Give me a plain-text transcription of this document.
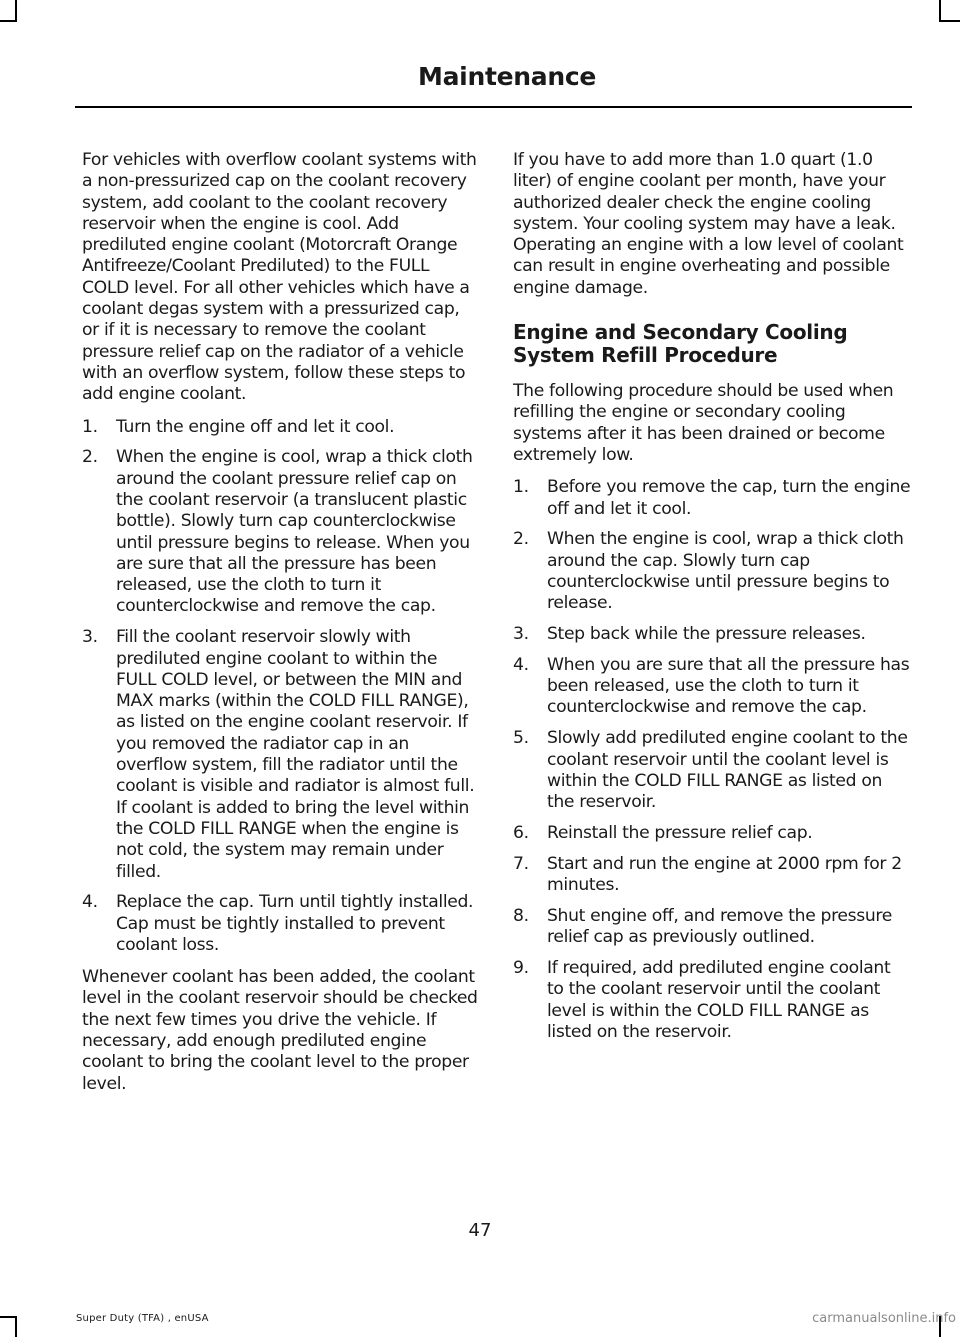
Maintenance

For vehicles with overflow coolant systems with a non-pressurized cap on the coolant recovery system, add coolant to the coolant recovery reservoir when the engine is cool. Add prediluted engine coolant (Motorcraft Orange Antifreeze/Coolant Prediluted) to the FULL COLD level. For all other vehicles which have a coolant degas system with a pressurized cap, or if it is necessary to remove the coolant pressure relief cap on the radiator of a vehicle with an overflow system, follow these steps to add engine coolant.

1. Turn the engine off and let it cool.
2. When the engine is cool, wrap a thick cloth around the coolant pressure relief cap on the coolant reservoir (a translucent plastic bottle). Slowly turn cap counterclockwise until pressure begins to release. When you are sure that all the pressure has been released, use the cloth to turn it counterclockwise and remove the cap.
3. Fill the coolant reservoir slowly with prediluted engine coolant to within the FULL COLD level, or between the MIN and MAX marks (within the COLD FILL RANGE), as listed on the engine coolant reservoir. If you removed the radiator cap in an overflow system, fill the radiator until the coolant is visible and radiator is almost full. If coolant is added to bring the level within the COLD FILL RANGE when the engine is not cold, the system may remain under filled.
4. Replace the cap. Turn until tightly installed. Cap must be tightly installed to prevent coolant loss.

Whenever coolant has been added, the coolant level in the coolant reservoir should be checked the next few times you drive the vehicle. If necessary, add enough prediluted engine coolant to bring the coolant level to the proper level.

If you have to add more than 1.0 quart (1.0 liter) of engine coolant per month, have your authorized dealer check the engine cooling system. Your cooling system may have a leak. Operating an engine with a low level of coolant can result in engine overheating and possible engine damage.

Engine and Secondary Cooling System Refill Procedure

The following procedure should be used when refilling the engine or secondary cooling systems after it has been drained or become extremely low.

1. Before you remove the cap, turn the engine off and let it cool.
2. When the engine is cool, wrap a thick cloth around the cap. Slowly turn cap counterclockwise until pressure begins to release.
3. Step back while the pressure releases.
4. When you are sure that all the pressure has been released, use the cloth to turn it counterclockwise and remove the cap.
5. Slowly add prediluted engine coolant to the coolant reservoir until the coolant level is within the COLD FILL RANGE as listed on the reservoir.
6. Reinstall the pressure relief cap.
7. Start and run the engine at 2000 rpm for 2 minutes.
8. Shut engine off, and remove the pressure relief cap as previously outlined.
9. If required, add prediluted engine coolant to the coolant reservoir until the coolant level is within the COLD FILL RANGE as listed on the reservoir.
47
Super Duty (TFA) , enUSA	carmanualsonline.info
